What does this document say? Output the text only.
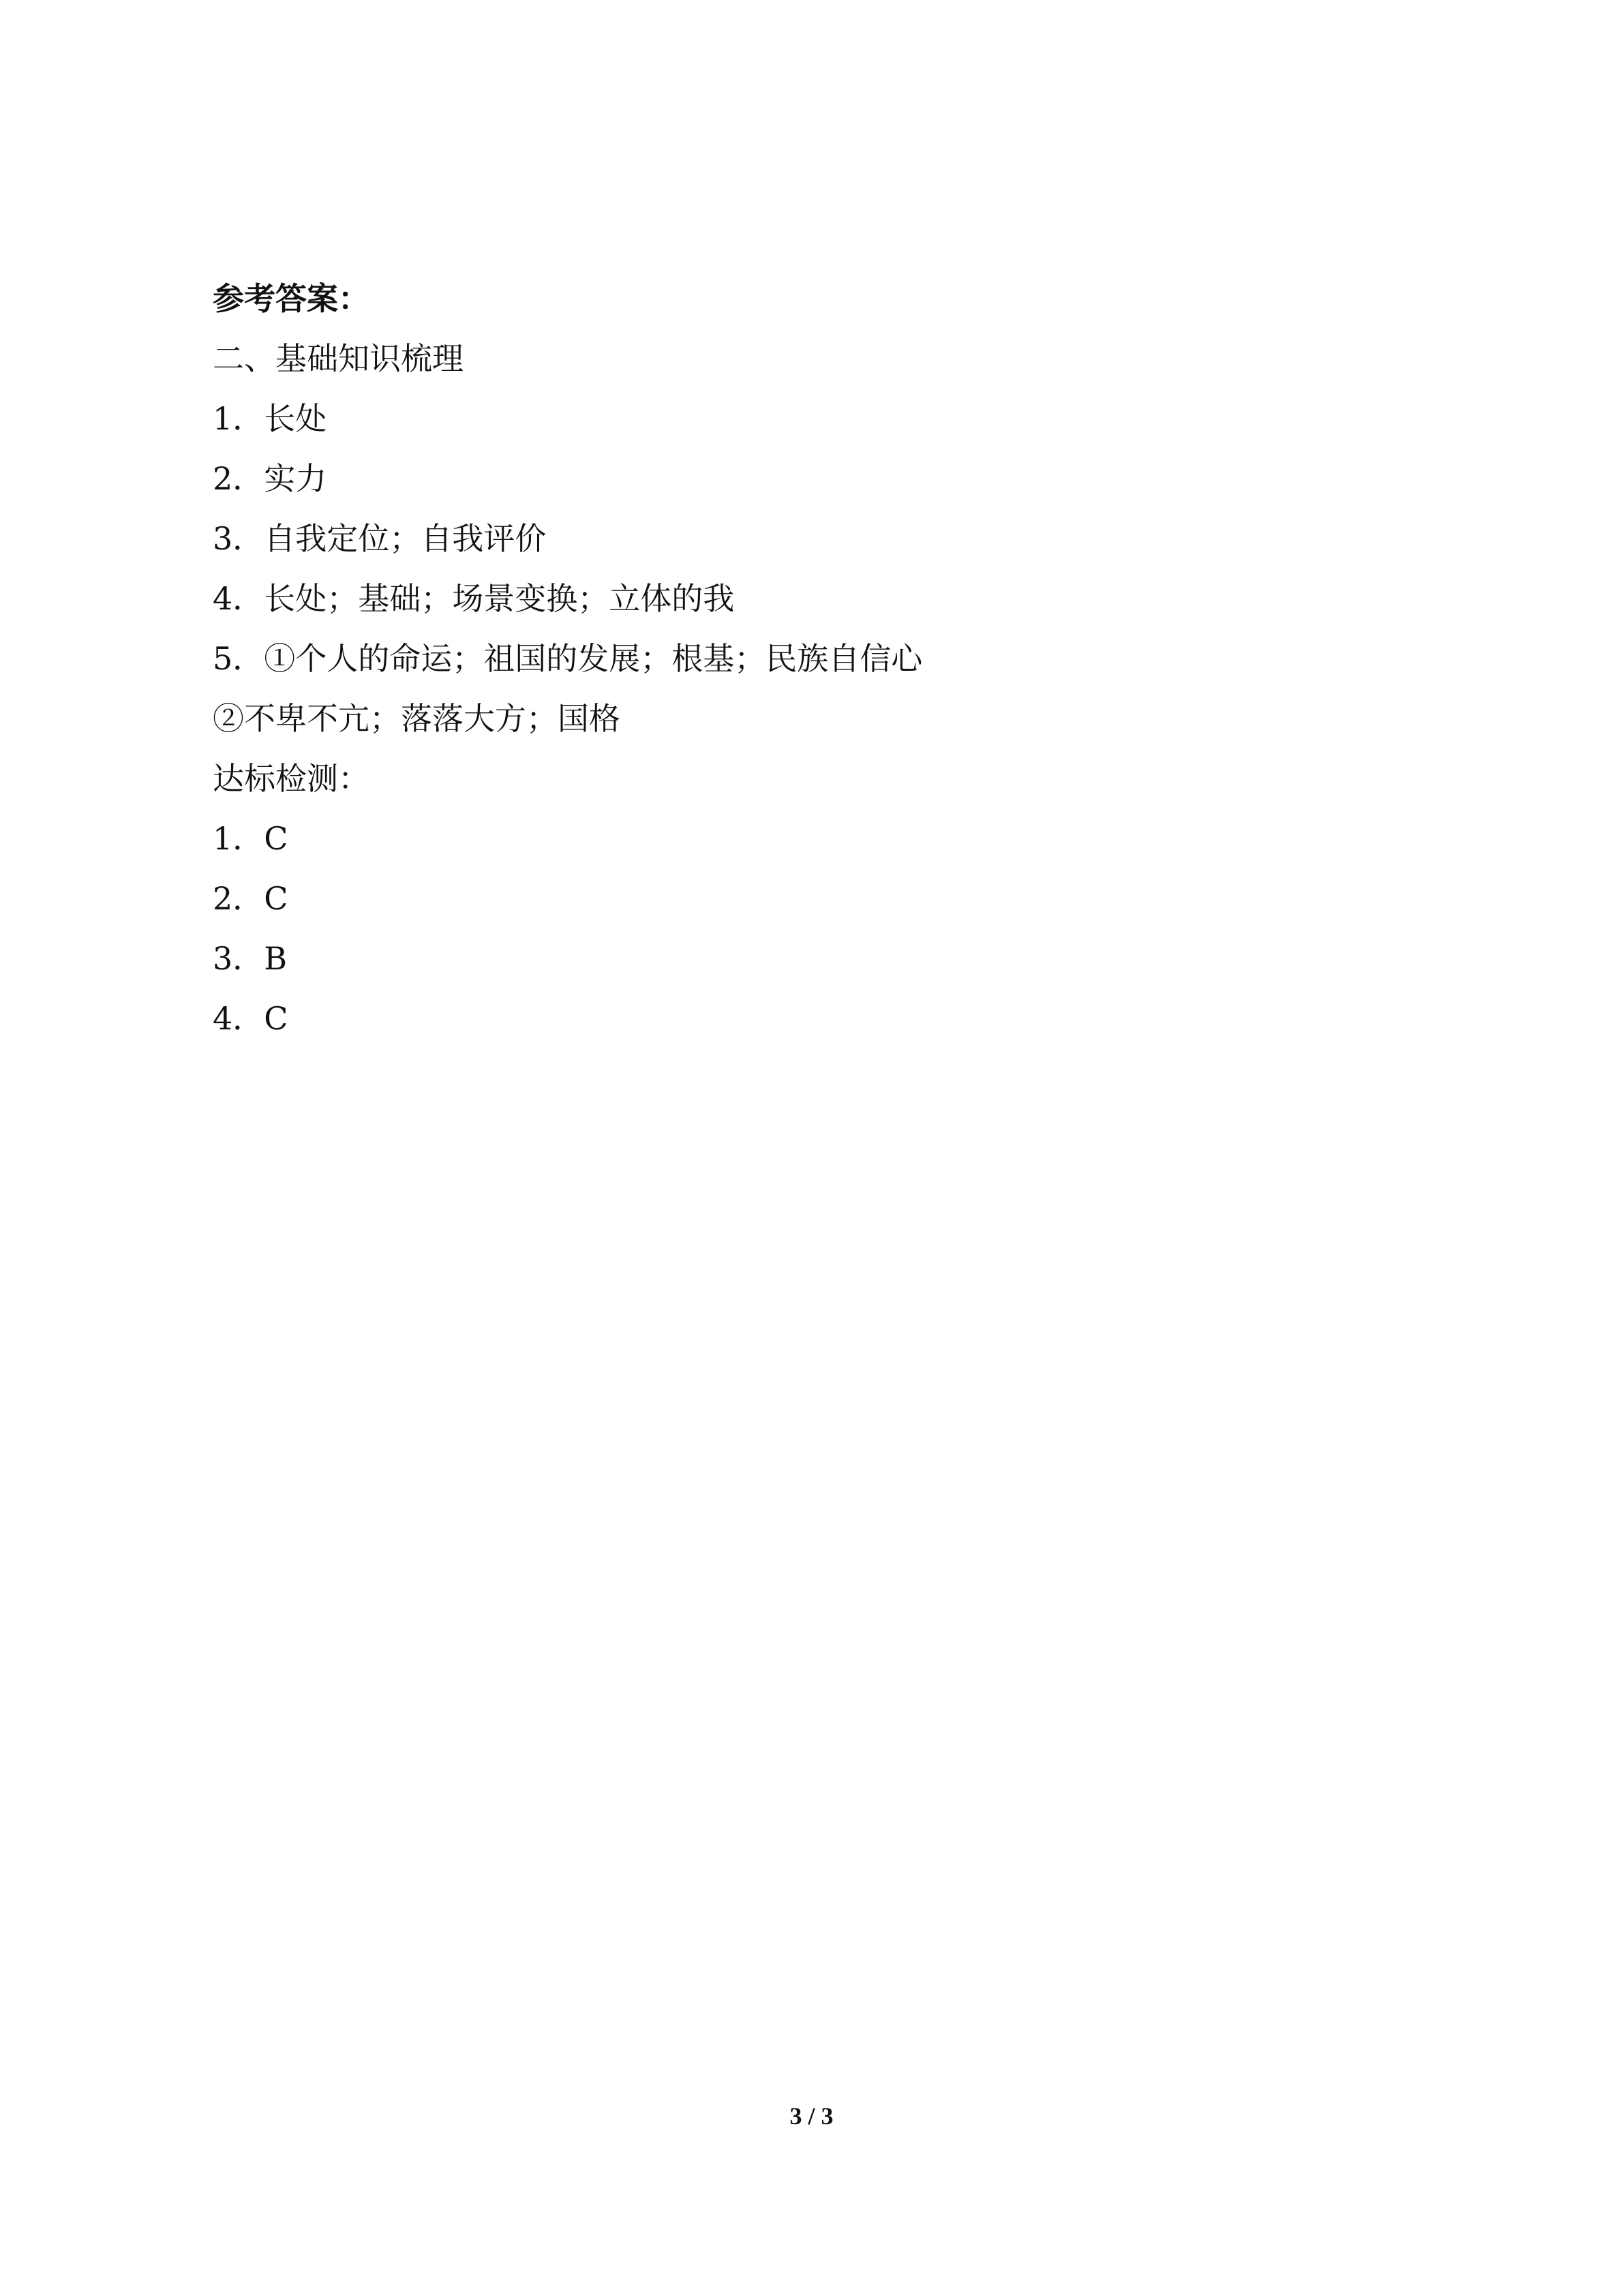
参考答案：
二、基础知识梳理
1．长处
2．实力
3．自我定位；自我评价
4．长处；基础；场景变换；立体的我
5．①个人的命运；祖国的发展；根基；民族自信心
②不卑不亢；落落大方；国格
达标检测：
1．C
2．C
3．B
4．C
3 / 3
